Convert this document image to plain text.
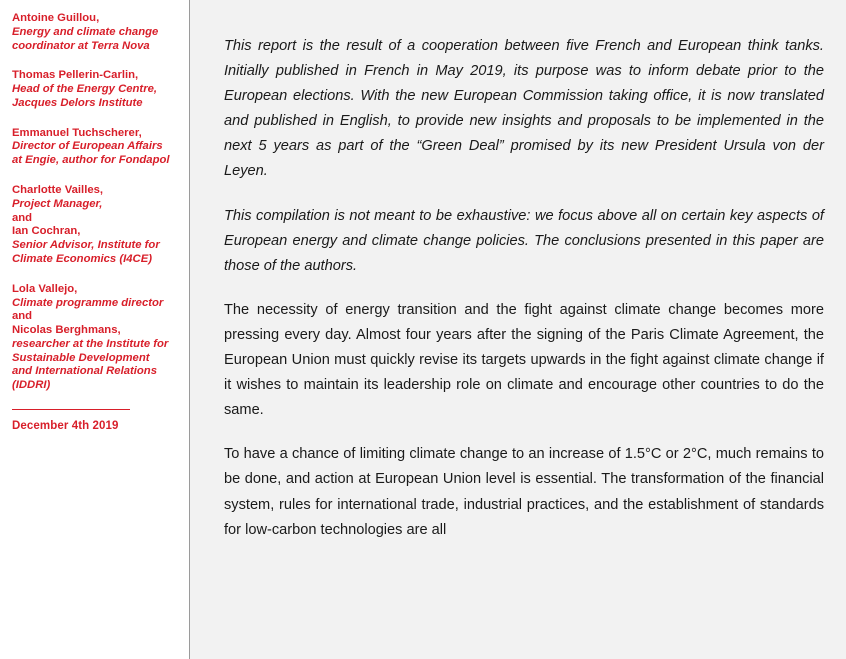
Antoine Guillou,
Energy and climate change coordinator at Terra Nova
Thomas Pellerin-Carlin,
Head of the Energy Centre, Jacques Delors Institute
Emmanuel Tuchscherer,
Director of European Affairs at Engie, author for Fondapol
Charlotte Vailles,
Project Manager,
and
Ian Cochran,
Senior Advisor, Institute for Climate Economics (I4CE)
Lola Vallejo,
Climate programme director
and
Nicolas Berghmans,
researcher at the Institute for Sustainable Development and International Relations (IDDRI)
December 4th 2019

This report is the result of a cooperation between five French and European think tanks. Initially published in French in May 2019, its purpose was to inform debate prior to the European elections. With the new European Commission taking office, it is now translated and published in English, to provide new insights and proposals to be implemented in the next 5 years as part of the “Green Deal” promised by its new President Ursula von der Leyen.

This compilation is not meant to be exhaustive: we focus above all on certain key aspects of European energy and climate change policies. The conclusions presented in this paper are those of the authors.

The necessity of energy transition and the fight against climate change becomes more pressing every day. Almost four years after the signing of the Paris Climate Agreement, the European Union must quickly revise its targets upwards in the fight against climate change if it wishes to maintain its leadership role on climate and encourage other countries to do the same.

To have a chance of limiting climate change to an increase of 1.5°C or 2°C, much remains to be done, and action at European Union level is essential. The transformation of the financial system, rules for international trade, industrial practices, and the establishment of standards for low-carbon technologies are all
